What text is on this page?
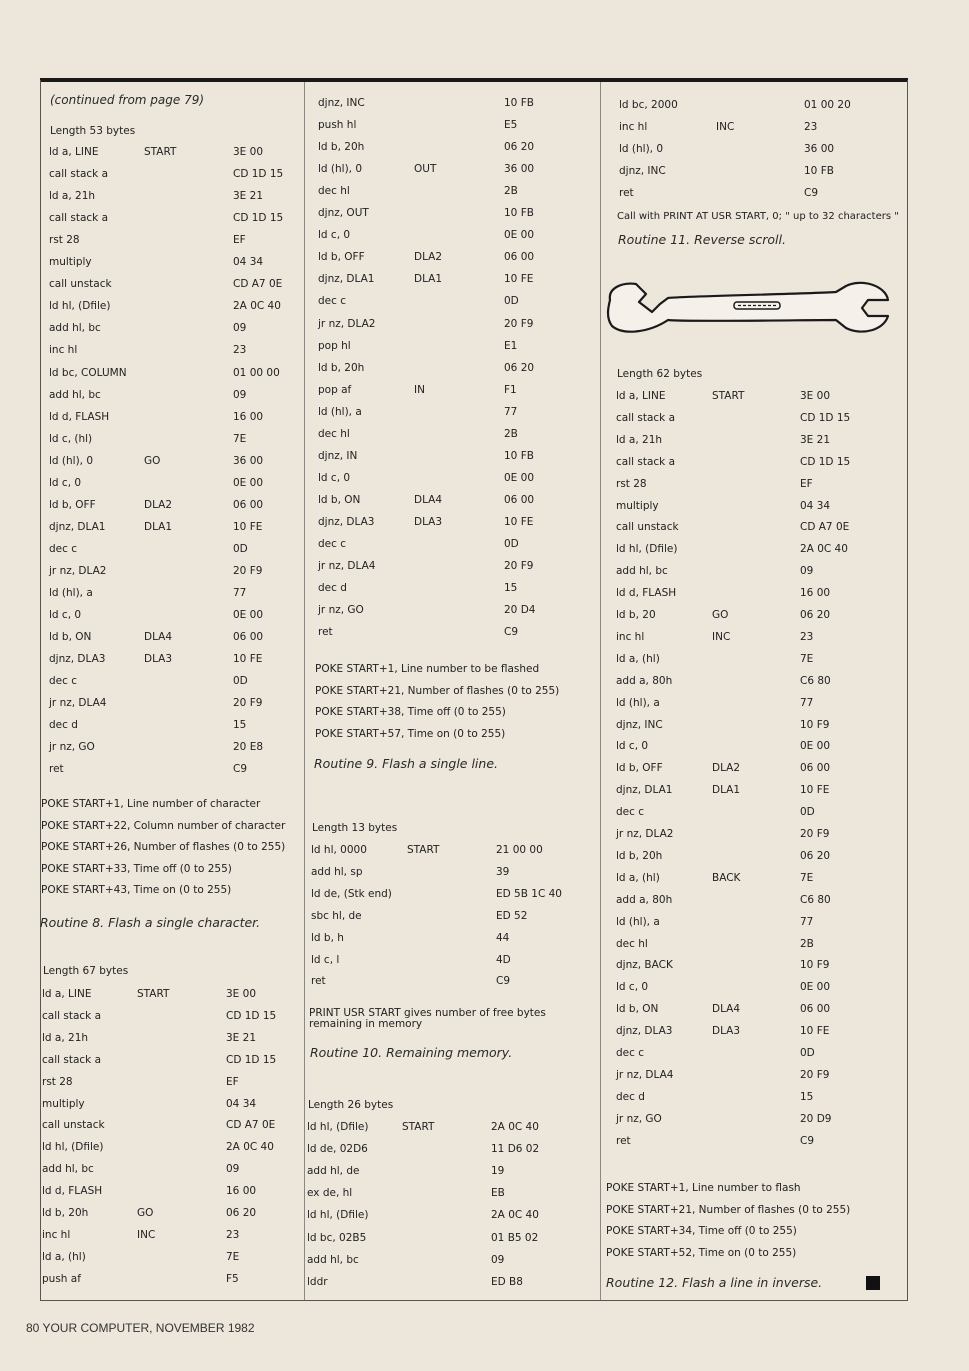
(continued from page 79)
Length 53 bytes
ld a, LINE	START	3E 00
call stack a	CD 1D 15
ld a, 21h	3E 21
call stack a	CD 1D 15
rst 28	EF
multiply	04 34
call unstack	CD A7 0E
ld hl, (Dfile)	2A 0C 40
add hl, bc	09
inc hl	23
ld bc, COLUMN	01 00 00
add hl, bc	09
ld d, FLASH	16 00
ld c, (hl)	7E
ld (hl), 0	GO	36 00
ld c, 0	0E 00
ld b, OFF	DLA2	06 00
djnz, DLA1	DLA1	10 FE
dec c	0D
jr nz, DLA2	20 F9
ld (hl), a	77
ld c, 0	0E 00
ld b, ON	DLA4	06 00
djnz, DLA3	DLA3	10 FE
dec c	0D
jr nz, DLA4	20 F9
dec d	15
jr nz, GO	20 E8
ret	C9
POKE START+1, Line number of character
POKE START+22, Column number of character
POKE START+26, Number of flashes (0 to 255)
POKE START+33, Time off (0 to 255)
POKE START+43, Time on (0 to 255)
Routine 8. Flash a single character.
Length 67 bytes
ld a, LINE	START	3E 00
call stack a	CD 1D 15
ld a, 21h	3E 21
call stack a	CD 1D 15
rst 28	EF
multiply	04 34
call unstack	CD A7 0E
ld hl, (Dfile)	2A 0C 40
add hl, bc	09
ld d, FLASH	16 00
ld b, 20h	GO	06 20
inc hl	INC	23
ld a, (hl)	7E
push af	F5
djnz, INC	10 FB
push hl	E5
ld b, 20h	06 20
ld (hl), 0	OUT	36 00
dec hl	2B
djnz, OUT	10 FB
ld c, 0	0E 00
ld b, OFF	DLA2	06 00
djnz, DLA1	DLA1	10 FE
dec c	0D
jr nz, DLA2	20 F9
pop hl	E1
ld b, 20h	06 20
pop af	IN	F1
ld (hl), a	77
dec hl	2B
djnz, IN	10 FB
ld c, 0	0E 00
ld b, ON	DLA4	06 00
djnz, DLA3	DLA3	10 FE
dec c	0D
jr nz, DLA4	20 F9
dec d	15
jr nz, GO	20 D4
ret	C9
POKE START+1, Line number to be flashed
POKE START+21, Number of flashes (0 to 255)
POKE START+38, Time off (0 to 255)
POKE START+57, Time on (0 to 255)
Routine 9. Flash a single line.
Length 13 bytes
ld hl, 0000	START	21 00 00
add hl, sp	39
ld de, (Stk end)	ED 5B 1C 40
sbc hl, de	ED 52
ld b, h	44
ld c, l	4D
ret	C9
PRINT USR START gives number of free bytes remaining in memory
Routine 10. Remaining memory.
Length 26 bytes
ld hl, (Dfile)	START	2A 0C 40
ld de, 02D6	11 D6 02
add hl, de	19
ex de, hl	EB
ld hl, (Dfile)	2A 0C 40
ld bc, 02B5	01 B5 02
add hl, bc	09
lddr	ED B8
ld bc, 2000	01 00 20
inc hl	INC	23
ld (hl), 0	36 00
djnz, INC	10 FB
ret	C9
Call with PRINT AT USR START, 0; " up to 32 characters "
Routine 11. Reverse scroll.
Length 62 bytes
ld a, LINE	START	3E 00
call stack a	CD 1D 15
ld a, 21h	3E 21
call stack a	CD 1D 15
rst 28	EF
multiply	04 34
call unstack	CD A7 0E
ld hl, (Dfile)	2A 0C 40
add hl, bc	09
ld d, FLASH	16 00
ld b, 20	GO	06 20
inc hl	INC	23
ld a, (hl)	7E
add a, 80h	C6 80
ld (hl), a	77
djnz, INC	10 F9
ld c, 0	0E 00
ld b, OFF	DLA2	06 00
djnz, DLA1	DLA1	10 FE
dec c	0D
jr nz, DLA2	20 F9
ld b, 20h	06 20
ld a, (hl)	BACK	7E
add a, 80h	C6 80
ld (hl), a	77
dec hl	2B
djnz, BACK	10 F9
ld c, 0	0E 00
ld b, ON	DLA4	06 00
djnz, DLA3	DLA3	10 FE
dec c	0D
jr nz, DLA4	20 F9
dec d	15
jr nz, GO	20 D9
ret	C9
POKE START+1, Line number to flash
POKE START+21, Number of flashes (0 to 255)
POKE START+34, Time off (0 to 255)
POKE START+52, Time on (0 to 255)
Routine 12. Flash a line in inverse.
80 YOUR COMPUTER, NOVEMBER 1982
